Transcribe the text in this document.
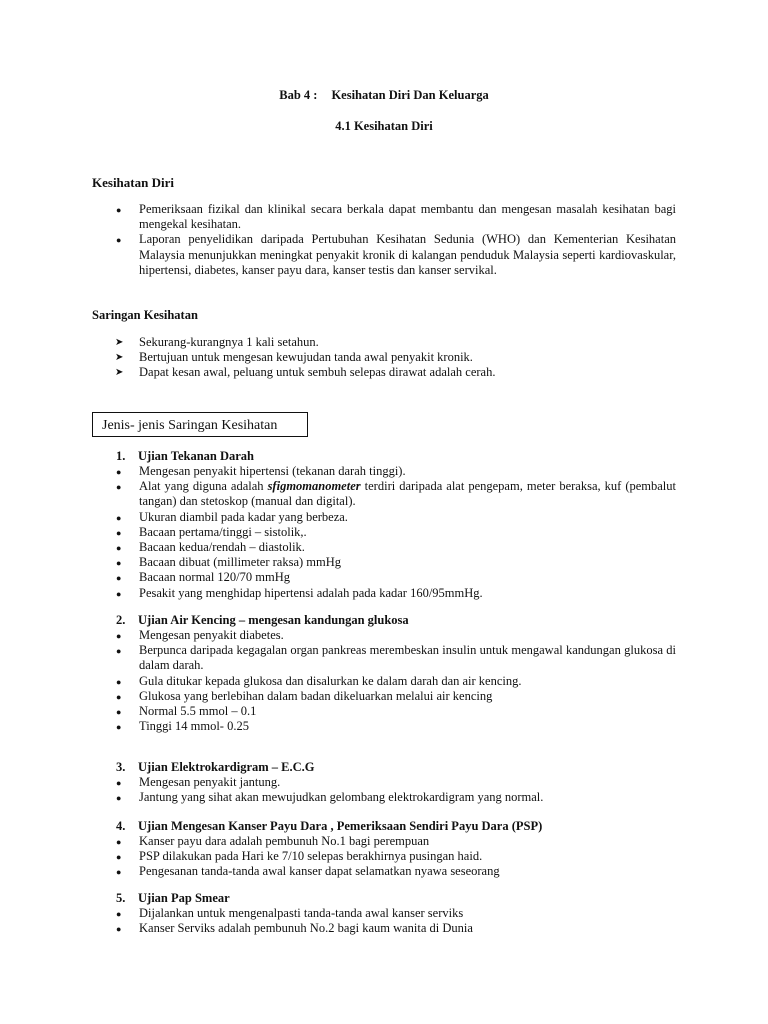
Bab 4 : Kesihatan Diri Dan Keluarga
4.1 Kesihatan Diri
Kesihatan Diri
● Pemeriksaan fizikal dan klinikal secara berkala dapat membantu dan mengesan masalah kesihatan bagi mengekal kesihatan.
● Laporan penyelidikan daripada Pertubuhan Kesihatan Sedunia (WHO) dan Kementerian Kesihatan Malaysia menunjukkan meningkat penyakit kronik di kalangan penduduk Malaysia seperti kardiovaskular, hipertensi, diabetes, kanser payu dara, kanser testis dan kanser servikal.
Saringan Kesihatan
➤ Sekurang-kurangnya 1 kali setahun.
➤ Bertujuan untuk mengesan kewujudan tanda awal penyakit kronik.
➤ Dapat kesan awal, peluang untuk sembuh selepas dirawat adalah cerah.
Jenis- jenis Saringan Kesihatan
1. Ujian Tekanan Darah
● Mengesan penyakit hipertensi (tekanan darah tinggi).
● Alat yang diguna adalah sfigmomanometer terdiri daripada alat pengepam, meter beraksa, kuf (pembalut tangan) dan stetoskop (manual dan digital).
● Ukuran diambil pada kadar yang berbeza.
● Bacaan pertama/tinggi – sistolik,.
● Bacaan kedua/rendah – diastolik.
● Bacaan dibuat (millimeter raksa) mmHg
● Bacaan normal 120/70 mmHg
● Pesakit yang menghidap hipertensi adalah pada kadar 160/95mmHg.
2. Ujian Air Kencing – mengesan kandungan glukosa
● Mengesan penyakit diabetes.
● Berpunca daripada kegagalan organ pankreas merembeskan insulin untuk mengawal kandungan glukosa di dalam darah.
● Gula ditukar kepada glukosa dan disalurkan ke dalam darah dan air kencing.
● Glukosa yang berlebihan dalam badan dikeluarkan melalui air kencing
● Normal 5.5 mmol – 0.1
● Tinggi 14 mmol- 0.25
3. Ujian Elektrokardigram – E.C.G
● Mengesan penyakit jantung.
● Jantung yang sihat akan mewujudkan gelombang elektrokardigram yang normal.
4. Ujian Mengesan Kanser Payu Dara , Pemeriksaan Sendiri Payu Dara (PSP)
● Kanser payu dara adalah pembunuh No.1 bagi perempuan
● PSP dilakukan pada Hari ke 7/10 selepas berakhirnya pusingan haid.
● Pengesanan tanda-tanda awal kanser dapat selamatkan nyawa seseorang
5. Ujian Pap Smear
● Dijalankan untuk mengenalpasti tanda-tanda awal kanser serviks
● Kanser Serviks adalah pembunuh No.2 bagi kaum wanita di Dunia
